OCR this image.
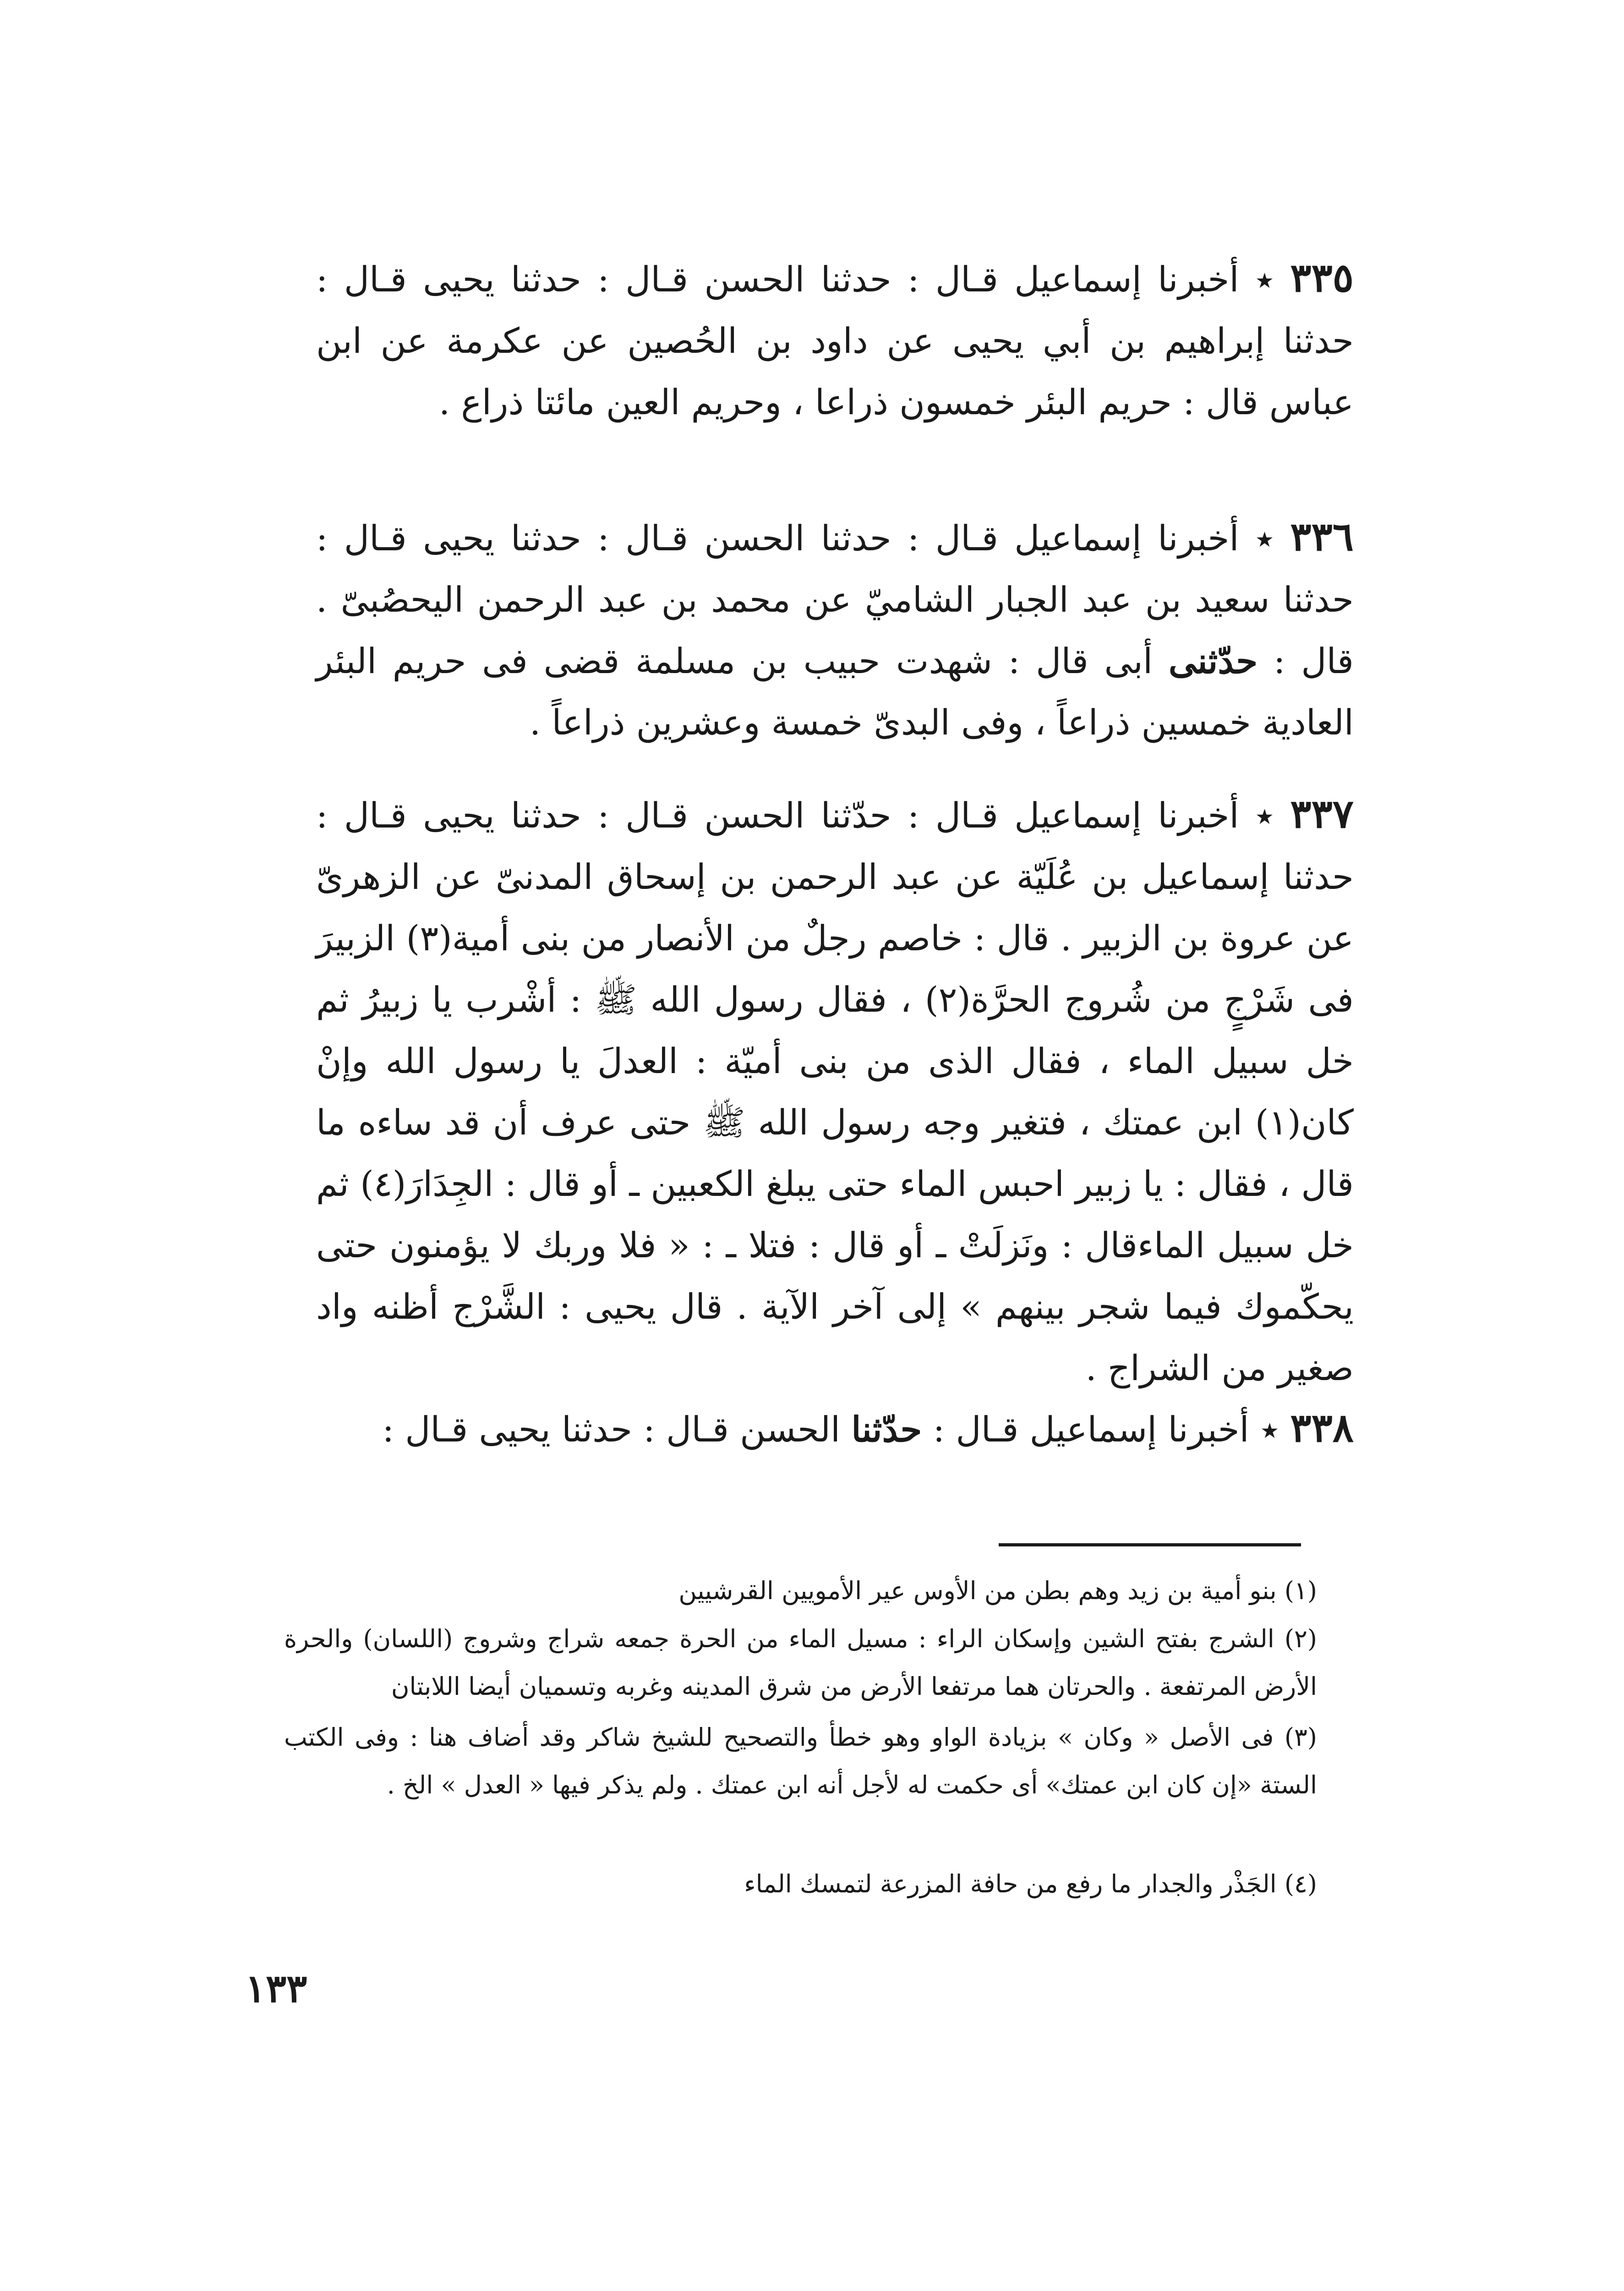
٣٣٥ ٭ أخبرنا إسماعيل قـال : حدثنا الحسن قـال : حدثنا يحيى قـال : حدثنا إبراهيم بن أبي يحيى عن داود بن الحُصين عن عكرمة عن ابن عباس قال : حريم البئر خمسون ذراعا ، وحريم العين مائتا ذراع .

٣٣٦ ٭ أخبرنا إسماعيل قـال : حدثنا الحسن قـال : حدثنا يحيى قـال : حدثنا سعيد بن عبد الجبار الشاميّ عن محمد بن عبد الرحمن اليحصُبىّ . قال : حدّثنى أبى قال : شهدت حبيب بن مسلمة قضى فى حريم البئر العادية خمسين ذراعاً ، وفى البدىّ خمسة وعشرين ذراعاً .

٣٣٧ ٭ أخبرنا إسماعيل قـال : حدّثنا الحسن قـال : حدثنا يحيى قـال : حدثنا إسماعيل بن عُلَيّة عن عبد الرحمن بن إسحاق المدنىّ عن الزهرىّ عن عروة بن الزبير . قال : خاصم رجلٌ من الأنصار من بنى أمية(٣) الزبيرَ فى شَرْجٍ من شُروج الحرَّة(٢) ، فقال رسول الله ﷺ : أشْرب يا زبيرُ ثم خل سبيل الماء ، فقال الذى من بنى أميّة : العدلَ يا رسول الله وإنْ كان(١) ابن عمتك ، فتغير وجه رسول الله ﷺ حتى عرف أن قد ساءه ما قال ، فقال : يا زبير احبس الماء حتى يبلغ الكعبين ـ أو قال : الجِدَارَ(٤) ثم خل سبيل الماءقال : ونَزلَتْ ـ أو قال : فتلا ـ : « فلا وربك لا يؤمنون حتى يحكّموك فيما شجر بينهم » إلى آخر الآية . قال يحيى : الشَّرْج أظنه واد صغير من الشراج .

٣٣٨ ٭ أخبرنا إسماعيل قـال : حدّثنا الحسن قـال : حدثنا يحيى قـال :

(١) بنو أمية بن زيد وهم بطن من الأوس عير الأمويين القرشيين

(٢) الشرج بفتح الشين وإسكان الراء : مسيل الماء من الحرة جمعه شراج وشروج (اللسان) والحرة الأرض المرتفعة . والحرتان هما مرتفعا الأرض من شرق المدينه وغربه وتسميان أيضا اللابتان

(٣) فى الأصل « وكان » بزيادة الواو وهو خطأ والتصحيح للشيخ شاكر وقد أضاف هنا : وفى الكتب الستة «إن كان ابن عمتك» أى حكمت له لأجل أنه ابن عمتك . ولم يذكر فيها « العدل » الخ .

(٤) الجَذْر والجدار ما رفع من حافة المزرعة لتمسك الماء

١٣٣
